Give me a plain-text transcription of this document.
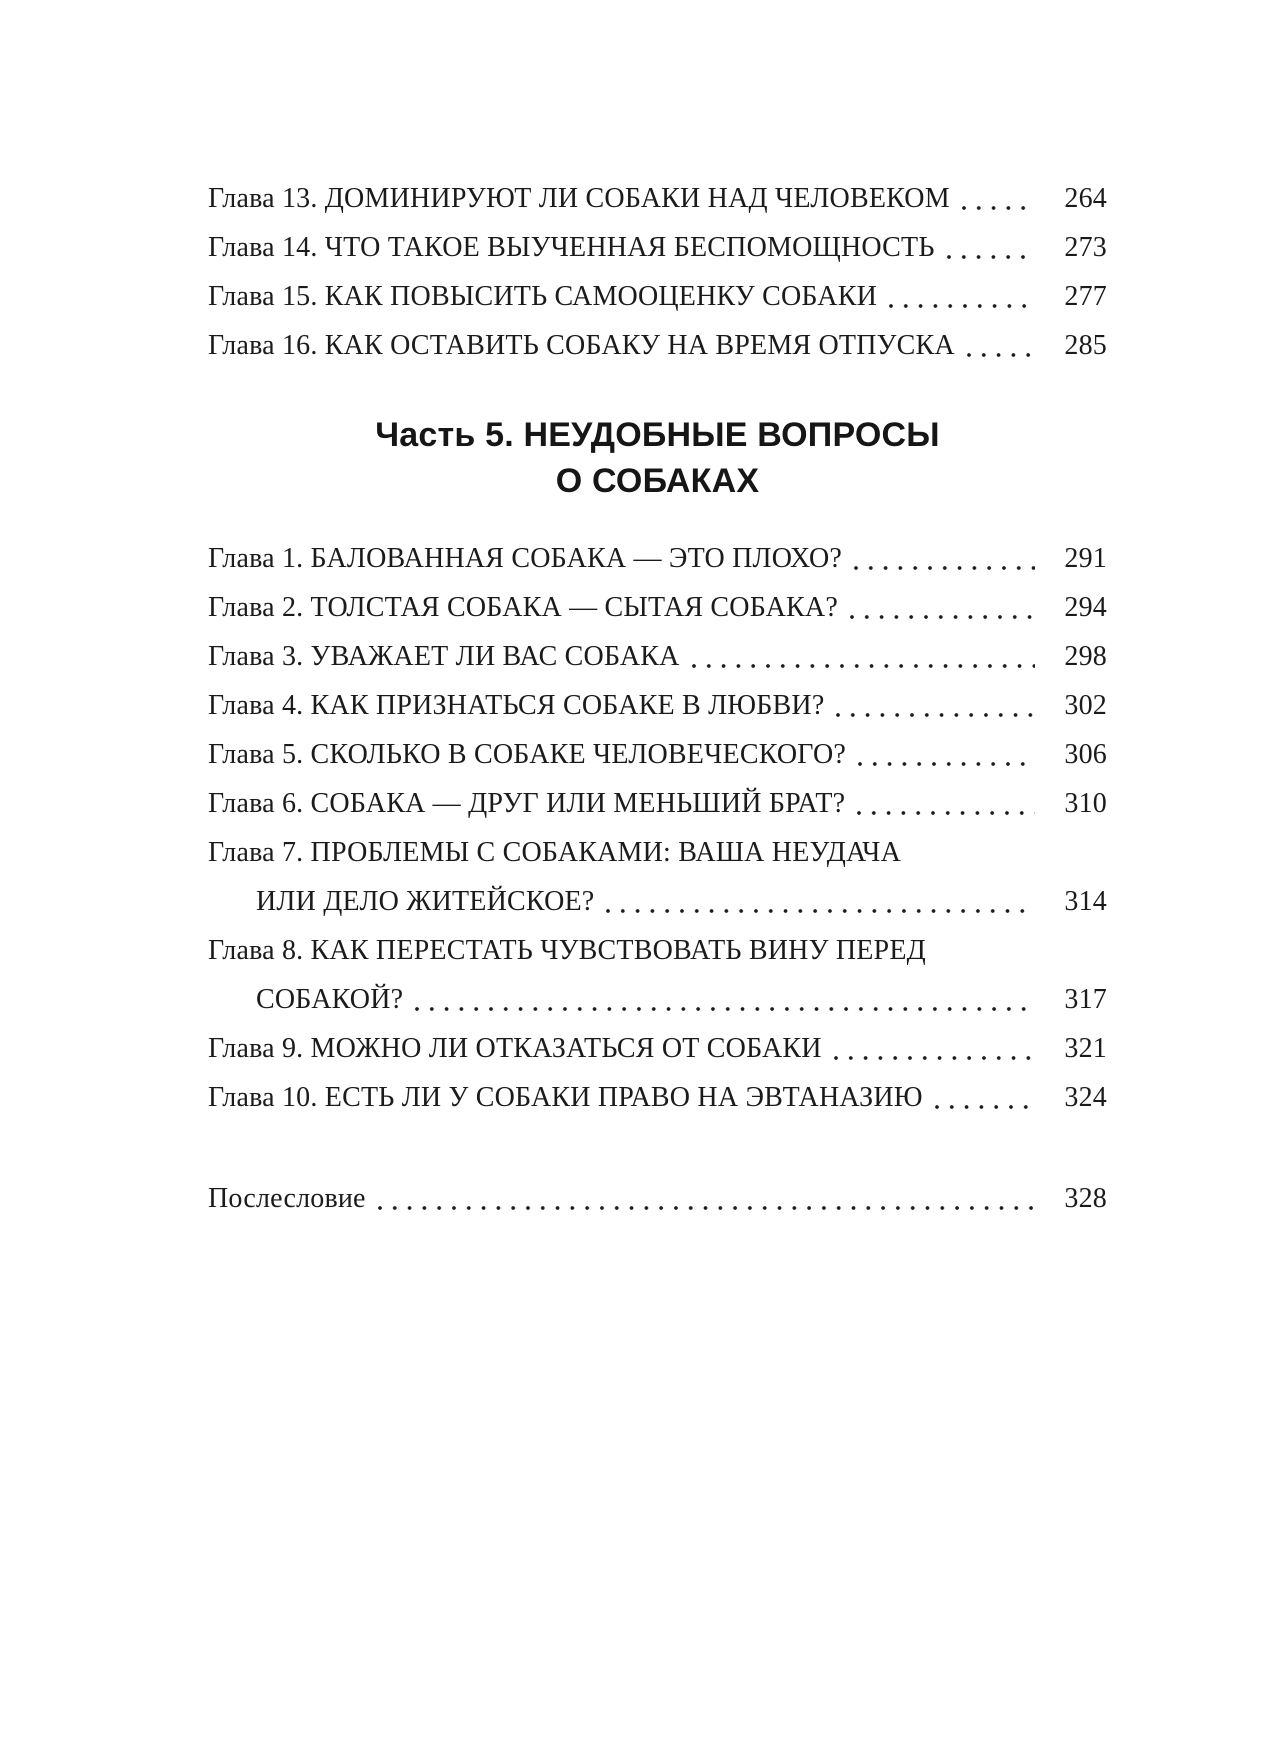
Глава 13. ДОМИНИРУЮТ ЛИ СОБАКИ НАД ЧЕЛОВЕКОМ	264
Глава 14. ЧТО ТАКОЕ ВЫУЧЕННАЯ БЕСПОМОЩНОСТЬ	273
Глава 15. КАК ПОВЫСИТЬ САМООЦЕНКУ СОБАКИ	277
Глава 16. КАК ОСТАВИТЬ СОБАКУ НА ВРЕМЯ ОТПУСКА	285
Часть 5. НЕУДОБНЫЕ ВОПРОСЫ
О СОБАКАХ
Глава 1. БАЛОВАННАЯ СОБАКА — ЭТО ПЛОХО?	291
Глава 2. ТОЛСТАЯ СОБАКА — СЫТАЯ СОБАКА?	294
Глава 3. УВАЖАЕТ ЛИ ВАС СОБАКА	298
Глава 4. КАК ПРИЗНАТЬСЯ СОБАКЕ В ЛЮБВИ?	302
Глава 5. СКОЛЬКО В СОБАКЕ ЧЕЛОВЕЧЕСКОГО?	306
Глава 6. СОБАКА — ДРУГ ИЛИ МЕНЬШИЙ БРАТ?	310
Глава 7. ПРОБЛЕМЫ С СОБАКАМИ: ВАША НЕУДАЧА
ИЛИ ДЕЛО ЖИТЕЙСКОЕ?	314
Глава 8. КАК ПЕРЕСТАТЬ ЧУВСТВОВАТЬ ВИНУ ПЕРЕД
СОБАКОЙ?	317
Глава 9. МОЖНО ЛИ ОТКАЗАТЬСЯ ОТ СОБАКИ	321
Глава 10. ЕСТЬ ЛИ У СОБАКИ ПРАВО НА ЭВТАНАЗИЮ	324
Послесловие	328
